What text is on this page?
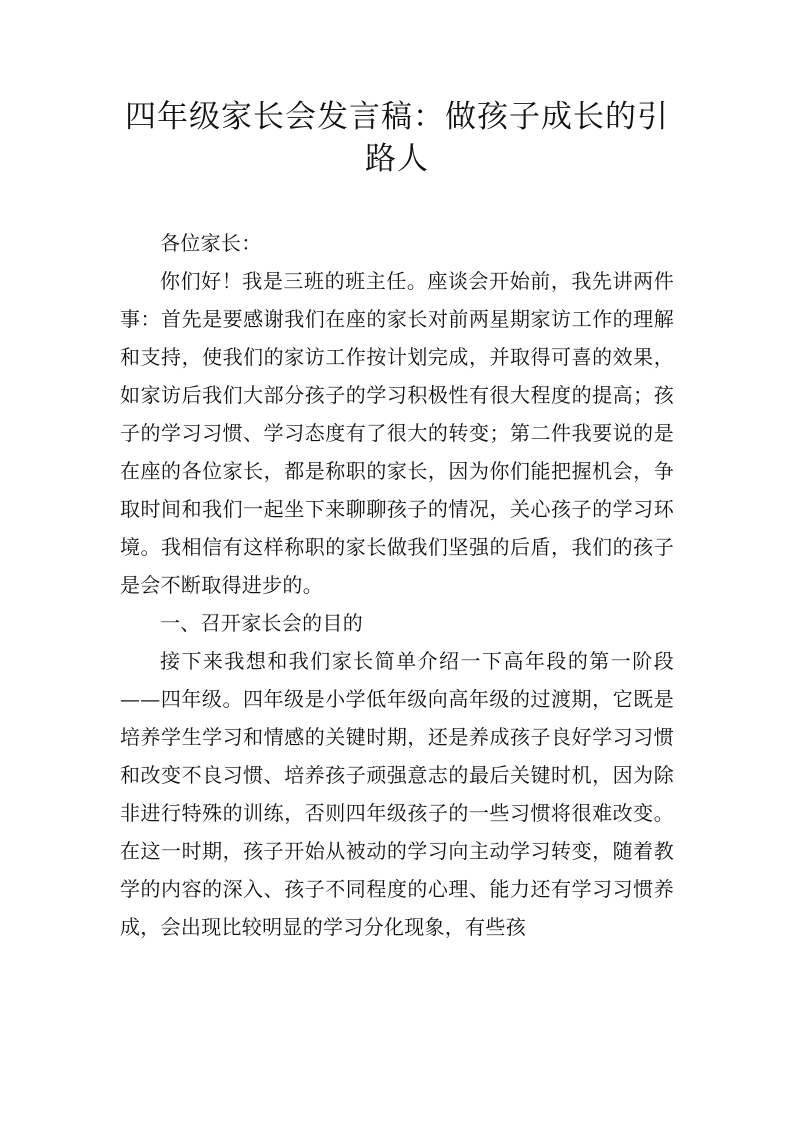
四年级家长会发言稿：做孩子成长的引路人

各位家长：

你们好！我是三班的班主任。座谈会开始前，我先讲两件事：首先是要感谢我们在座的家长对前两星期家访工作的理解和支持，使我们的家访工作按计划完成，并取得可喜的效果，如家访后我们大部分孩子的学习积极性有很大程度的提高；孩子的学习习惯、学习态度有了很大的转变；第二件我要说的是在座的各位家长，都是称职的家长，因为你们能把握机会，争取时间和我们一起坐下来聊聊孩子的情况，关心孩子的学习环境。我相信有这样称职的家长做我们坚强的后盾，我们的孩子是会不断取得进步的。

一、召开家长会的目的

接下来我想和我们家长简单介绍一下高年段的第一阶段——四年级。四年级是小学低年级向高年级的过渡期，它既是培养学生学习和情感的关键时期，还是养成孩子良好学习习惯和改变不良习惯、培养孩子顽强意志的最后关键时机，因为除非进行特殊的训练，否则四年级孩子的一些习惯将很难改变。在这一时期，孩子开始从被动的学习向主动学习转变，随着教学的内容的深入、孩子不同程度的心理、能力还有学习习惯养成，会出现比较明显的学习分化现象，有些孩
